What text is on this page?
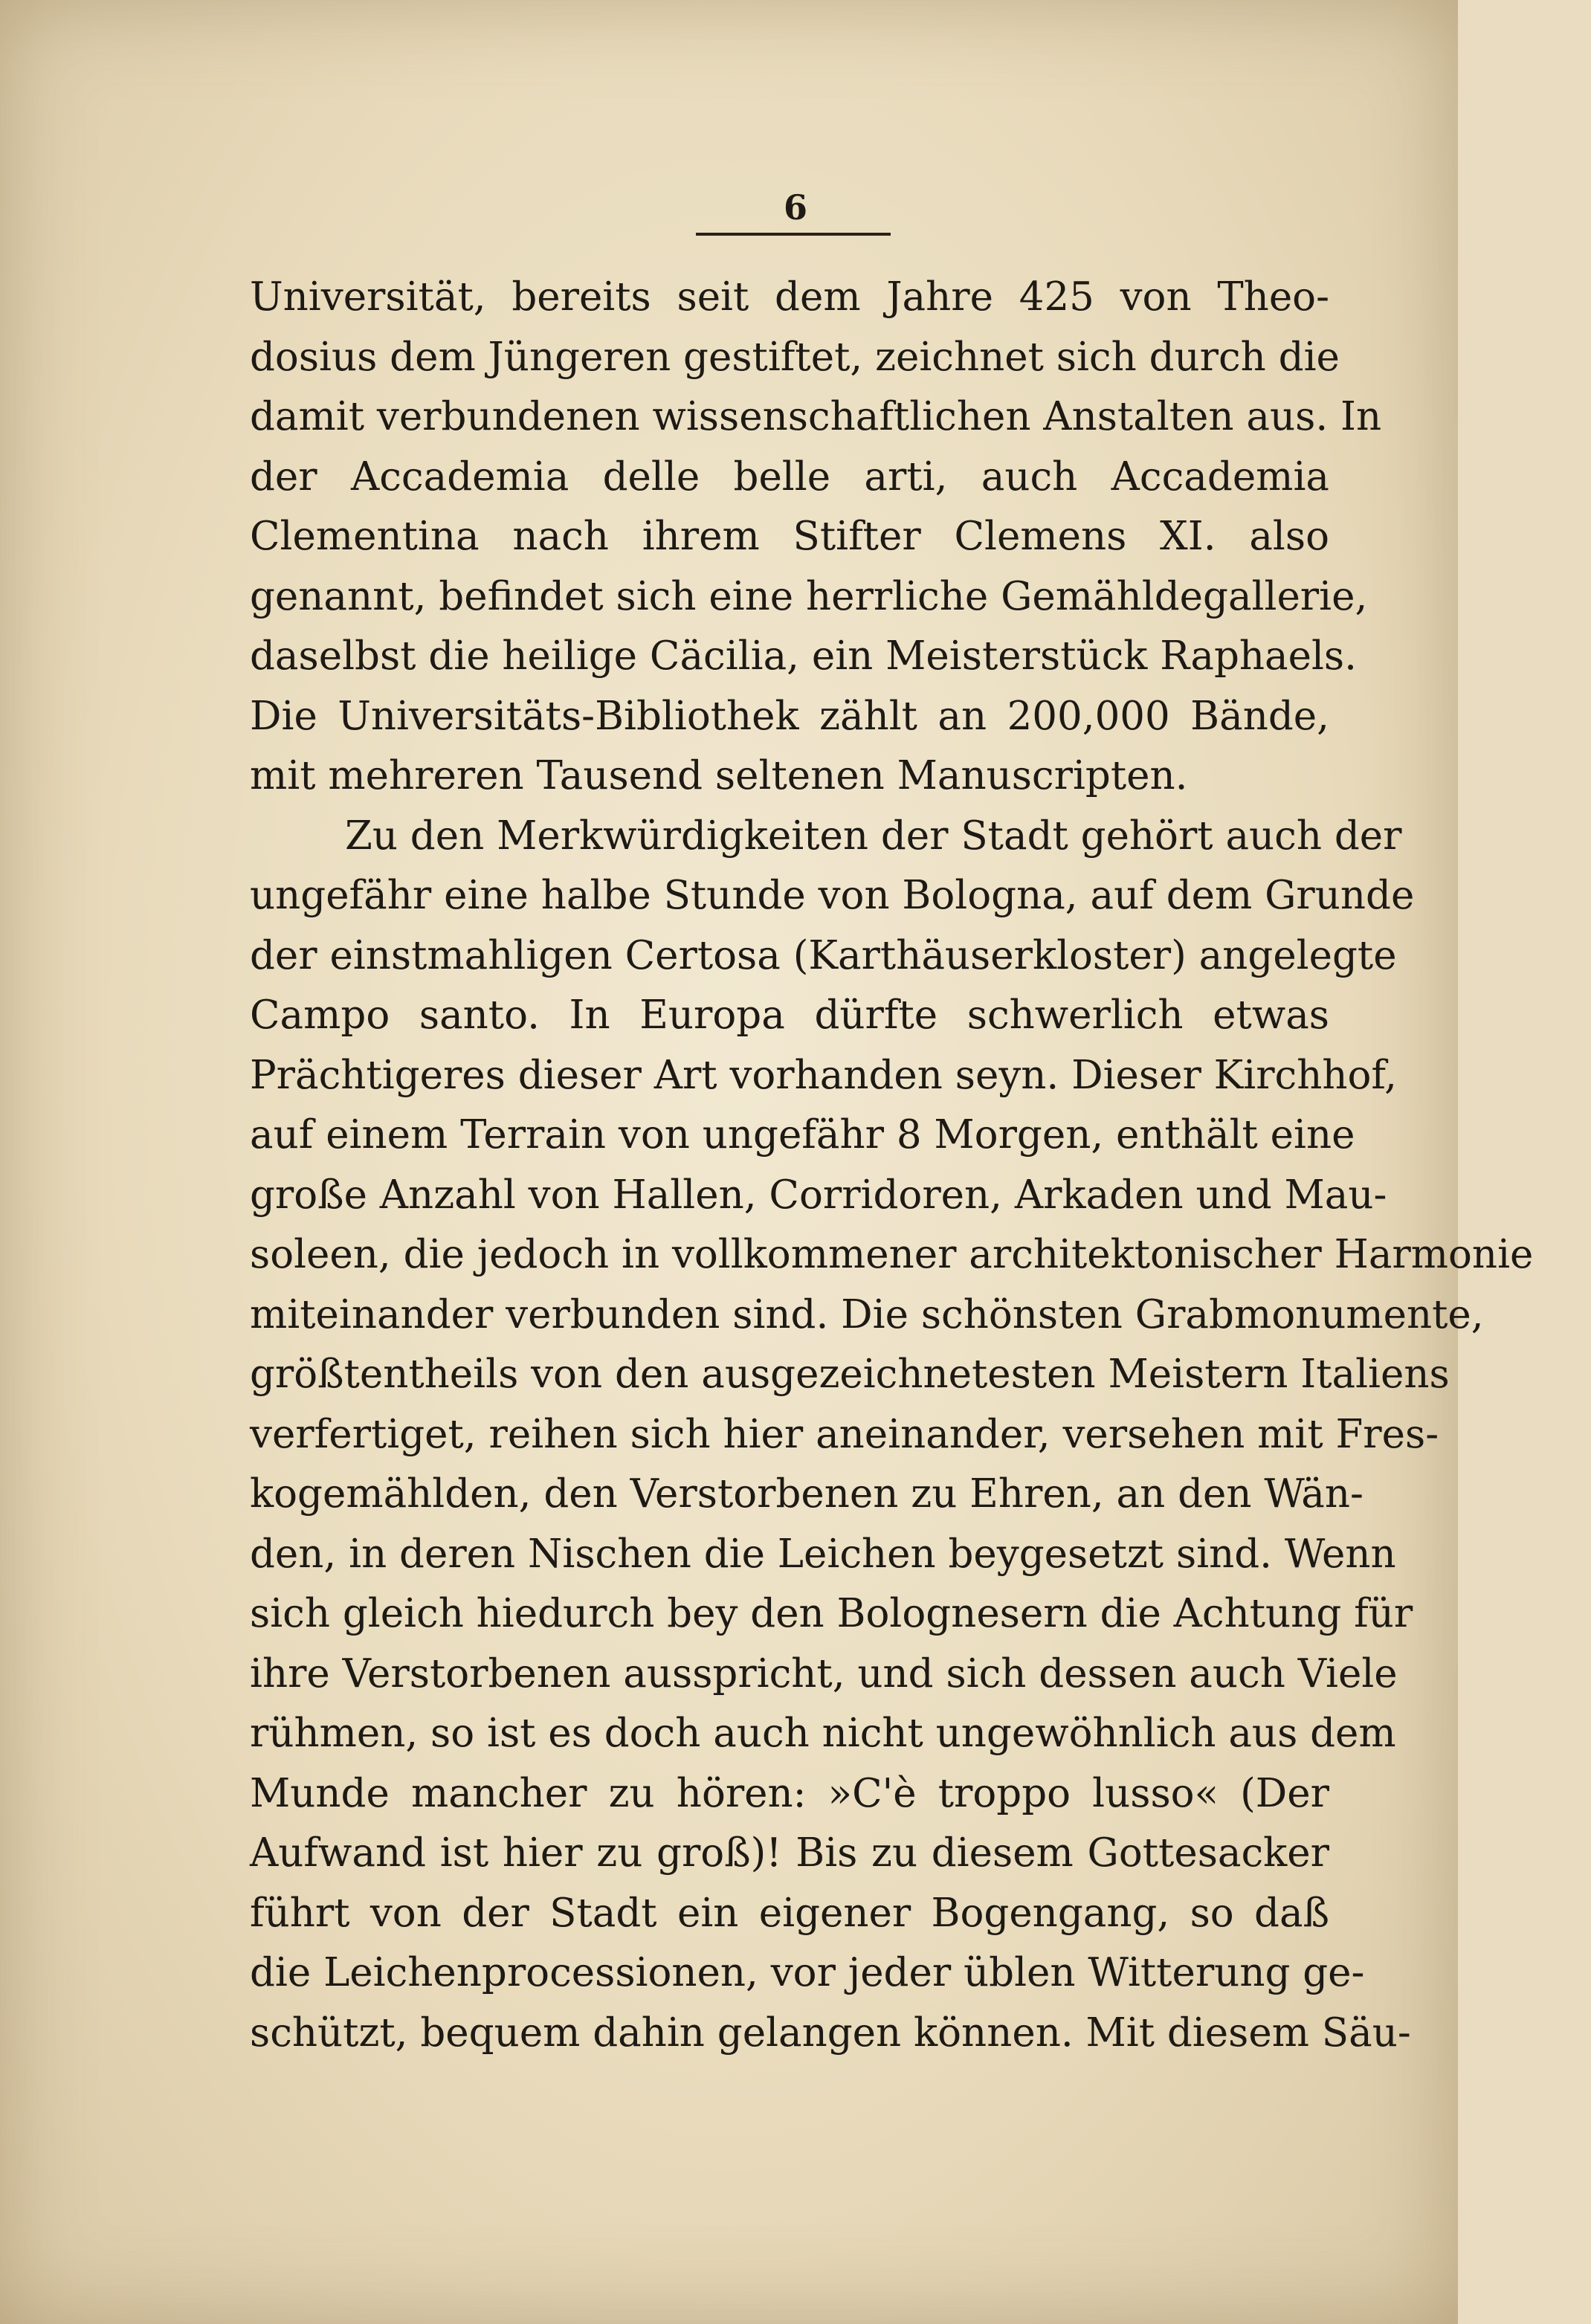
6
Universität, bereits seit dem Jahre 425 von Theo-
dosius dem Jüngeren gestiftet, zeichnet sich durch die
damit verbundenen wissenschaftlichen Anstalten aus. In
der Accademia delle belle arti, auch Accademia
Clementina nach ihrem Stifter Clemens XI. also
genannt, befindet sich eine herrliche Gemähldegallerie,
daselbst die heilige Cäcilia, ein Meisterstück Raphaels.
Die Universitäts-Bibliothek zählt an 200,000 Bände,
mit mehreren Tausend seltenen Manuscripten.
Zu den Merkwürdigkeiten der Stadt gehört auch der
ungefähr eine halbe Stunde von Bologna, auf dem Grunde
der einstmahligen Certosa (Karthäuserkloster) angelegte
Campo santo. In Europa dürfte schwerlich etwas
Prächtigeres dieser Art vorhanden seyn. Dieser Kirchhof,
auf einem Terrain von ungefähr 8 Morgen, enthält eine
große Anzahl von Hallen, Corridoren, Arkaden und Mau-
soleen, die jedoch in vollkommener architektonischer Harmonie
miteinander verbunden sind. Die schönsten Grabmonumente,
größtentheils von den ausgezeichnetesten Meistern Italiens
verfertiget, reihen sich hier aneinander, versehen mit Fres-
kogemählden, den Verstorbenen zu Ehren, an den Wän-
den, in deren Nischen die Leichen beygesetzt sind. Wenn
sich gleich hiedurch bey den Bolognesern die Achtung für
ihre Verstorbenen ausspricht, und sich dessen auch Viele
rühmen, so ist es doch auch nicht ungewöhnlich aus dem
Munde mancher zu hören: »C'è troppo lusso« (Der
Aufwand ist hier zu groß)! Bis zu diesem Gottesacker
führt von der Stadt ein eigener Bogengang, so daß
die Leichenprocessionen, vor jeder üblen Witterung ge-
schützt, bequem dahin gelangen können. Mit diesem Säu-
